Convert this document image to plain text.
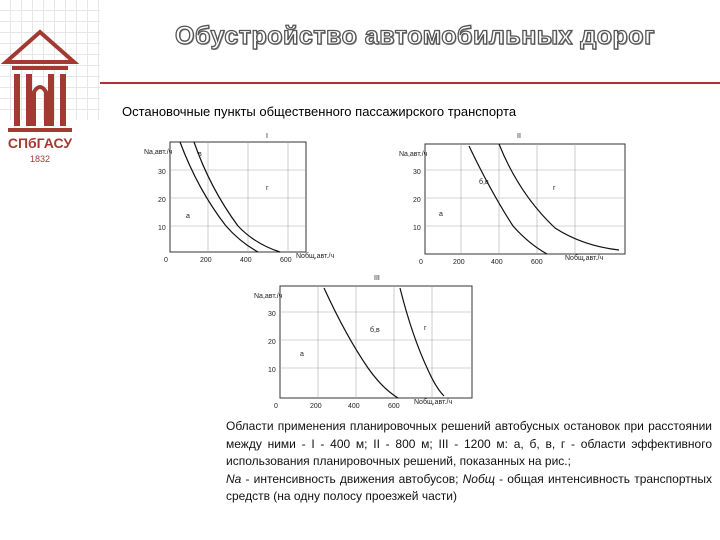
СПбГАСУ
1832
Обустройство автомобильных дорог
Остановочные пункты общественного пассажирского транспорта
I
Nа,авт./ч
30
20
10
0	200	400	600
Nобщ,авт./ч
в
г
а
II
Nа,авт./ч
30
20
10
0	200	400	600
Nобщ,авт./ч
б,в
г
а
III
Nа,авт./ч
30
20
10
0	200	400	600
Nобщ,авт./ч
б,в	г
а
Области применения планировочных решений автобусных остановок при расстоянии между ними - I - 400 м; II - 800 м; III - 1200 м: а, б, в, г - области эффективного использования планировочных решений, показанных на рис.;
Nа - интенсивность движения автобусов; Nобщ - общая интенсивность транспортных средств (на одну полосу проезжей части)
